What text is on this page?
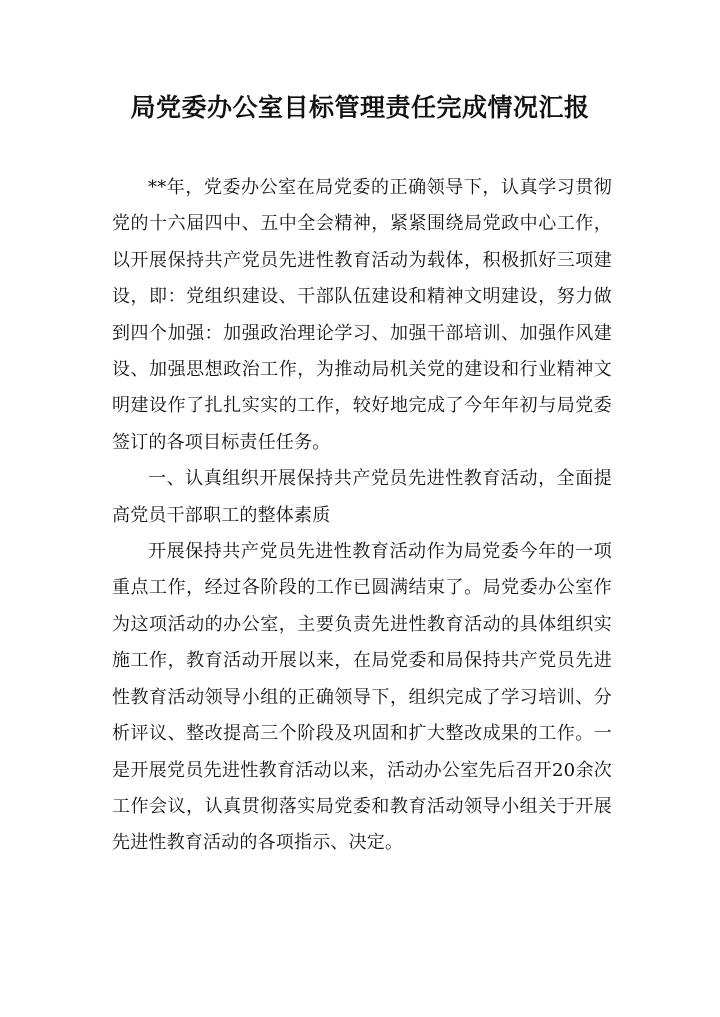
局党委办公室目标管理责任完成情况汇报

**年，党委办公室在局党委的正确领导下，认真学习贯彻党的十六届四中、五中全会精神，紧紧围绕局党政中心工作，以开展保持共产党员先进性教育活动为载体，积极抓好三项建设，即：党组织建设、干部队伍建设和精神文明建设，努力做到四个加强：加强政治理论学习、加强干部培训、加强作风建设、加强思想政治工作，为推动局机关党的建设和行业精神文明建设作了扎扎实实的工作，较好地完成了今年年初与局党委签订的各项目标责任任务。

一、认真组织开展保持共产党员先进性教育活动，全面提高党员干部职工的整体素质

开展保持共产党员先进性教育活动作为局党委今年的一项重点工作，经过各阶段的工作已圆满结束了。局党委办公室作为这项活动的办公室，主要负责先进性教育活动的具体组织实施工作，教育活动开展以来，在局党委和局保持共产党员先进性教育活动领导小组的正确领导下，组织完成了学习培训、分析评议、整改提高三个阶段及巩固和扩大整改成果的工作。一是开展党员先进性教育活动以来，活动办公室先后召开20余次工作会议，认真贯彻落实局党委和教育活动领导小组关于开展先进性教育活动的各项指示、决定。
